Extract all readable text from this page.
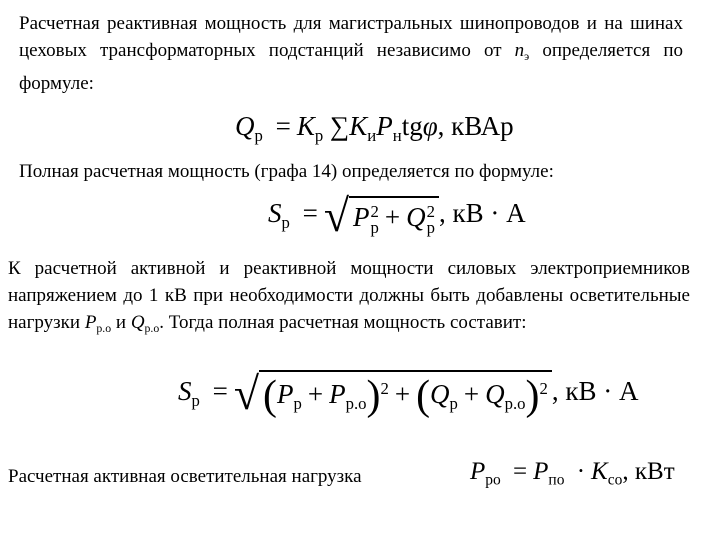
Расчетная реактивная мощность для магистральных шинопроводов и на шинах цеховых трансформаторных подстанций независимо от $n_э$ определяется по формуле:
$Q_р = K_р$ $\sum K_иP_нtg\varphi$, кВАр
Полная расчетная мощность (графа 14) определяется по формуле:
$S_р$ = √ P 2
р + Q 2
р , кВ · А
К расчетной активной и реактивной мощности силовых электроприемников напряжением до 1 кВ при необходимости должны быть добавлены осветительные нагрузки $P_{р.о}$ и $Q_{р.о}$. Тогда полная расчетная мощность составит:
$S_р = √(P_р + P_{р.о})^2 + (Q_р + Q_{р.о})^2$ , кВ · А
Расчетная активная осветительная нагрузка	$P_{ро} = P_{по} \cdot K_{со}$, кВт
